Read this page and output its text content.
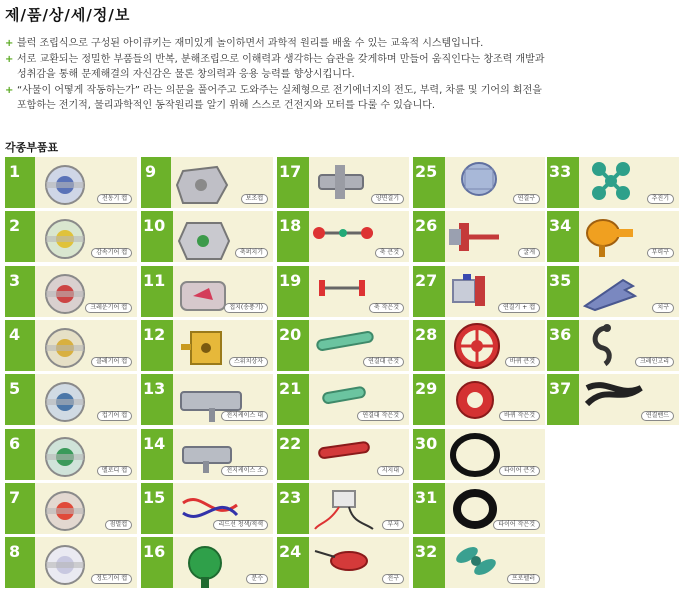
제/품/상/세/정/보
+ 블럭 조립식으로 구성된 아이큐키는 재미있게 놀이하면서 과학적 원리를 배울 수 있는 교육적 시스템입니다.
+ 서로 교환되는 정밀한 부품들의 반복, 분해조립으로 이해력과 생각하는 습관을 갖게하며 만들어 움직인다는 창조력 개발과
성취감을 통해 문제해결의 자신감은 물론 창의력과 응용 능력를 향상시킵니다.
+ “사물이 어떻게 작동하는가” 라는 의문을 풀어주고 도와주는 실체형으로 전기에너지의 전도, 부력, 차륜 및 기어의 회전을
포함하는 전기적, 물리과학적인 동작원리를 알기 위해 스스로 건전지와 모터를 다룰 수 있습니다.
각종부품표
1
전동기 캡
2
감속기어 캡
3
크레운기어 캡
4
클레기어 캡
5
컵기어 캡
6
멜로디 캡
7
점멸캡
8
정도기어 캡
9
보조캡
10
축퍼지기
11
접지(송풍기)
12
스위치상자
13
전지케이스 대
14
전지케이스 소
15
리드선 청색/적색
16
분수
17
양면결기
18
축 큰것
19
축 작은것
20
연결대 큰것
21
연결대 작은것
22
지지대
23
부저
24
전구
25
연결구
26
굴게
27
연결기 + 캡
28
바퀴 큰것
29
바퀴 작은것
30
타이어 큰것
31
타이어 작은것
32
프로펠러
33
추진기
34
부력구
35
치구
36
크레인고리
37
연결밴드
